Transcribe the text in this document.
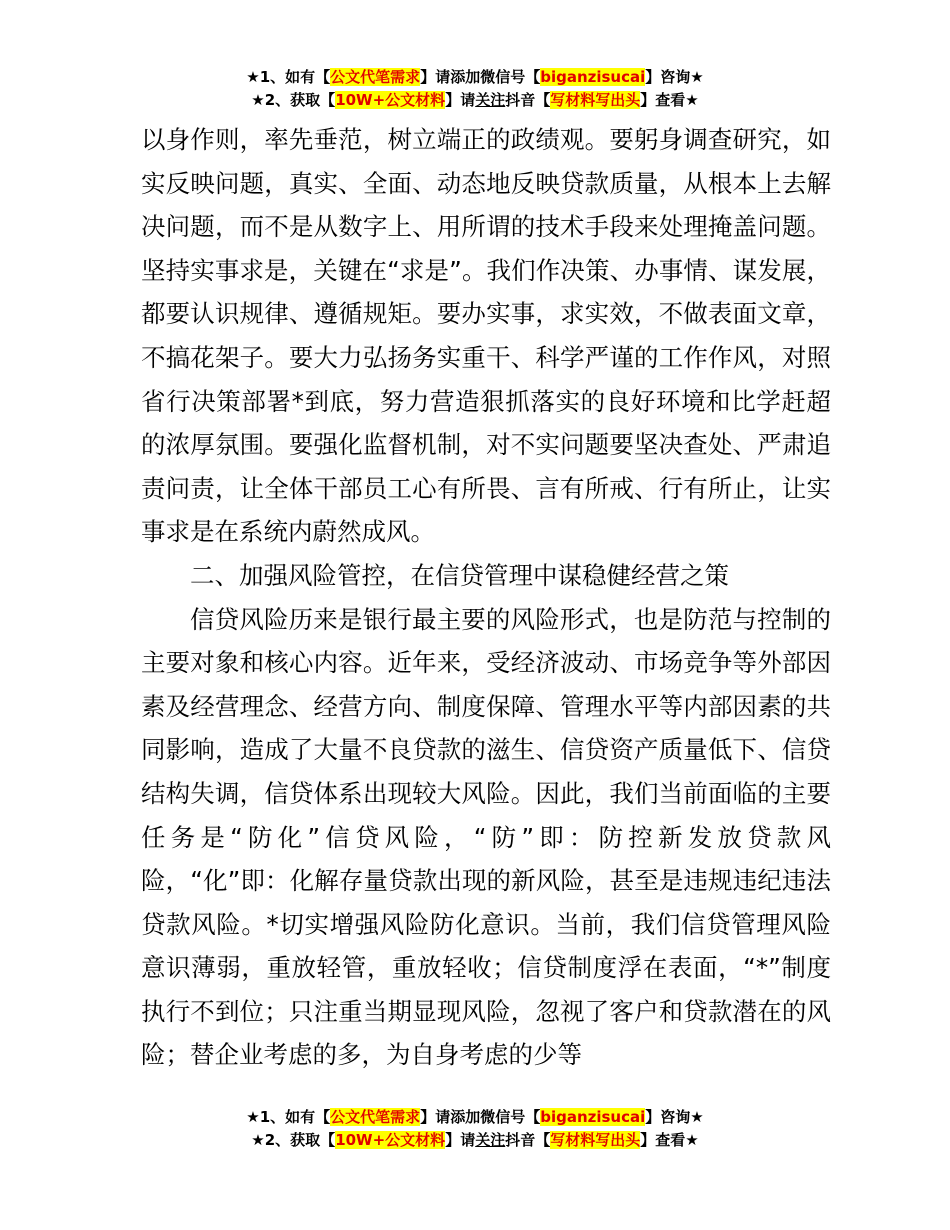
★1、如有【公文代笔需求】请添加微信号【biganzisucai】咨询★
★2、获取【10W+公文材料】请关注抖音【写材料写出头】查看★

以身作则，率先垂范，树立端正的政绩观。要躬身调查研究，如实反映问题，真实、全面、动态地反映贷款质量，从根本上去解决问题，而不是从数字上、用所谓的技术手段来处理掩盖问题。坚持实事求是，关键在“求是”。我们作决策、办事情、谋发展，都要认识规律、遵循规矩。要办实事，求实效，不做表面文章，不搞花架子。要大力弘扬务实重干、科学严谨的工作作风，对照省行决策部署*到底，努力营造狠抓落实的良好环境和比学赶超的浓厚氛围。要强化监督机制，对不实问题要坚决查处、严肃追责问责，让全体干部员工心有所畏、言有所戒、行有所止，让实事求是在系统内蔚然成风。

二、加强风险管控，在信贷管理中谋稳健经营之策

信贷风险历来是银行最主要的风险形式，也是防范与控制的主要对象和核心内容。近年来，受经济波动、市场竞争等外部因素及经营理念、经营方向、制度保障、管理水平等内部因素的共同影响，造成了大量不良贷款的滋生、信贷资产质量低下、信贷结构失调，信贷体系出现较大风险。因此，我们当前面临的主要任务是“防化”信贷风险，“防”即：防控新发放贷款风险，“化”即：化解存量贷款出现的新风险，甚至是违规违纪违法贷款风险。*切实增强风险防化意识。当前，我们信贷管理风险意识薄弱，重放轻管，重放轻收；信贷制度浮在表面，“*”制度执行不到位；只注重当期显现风险，忽视了客户和贷款潜在的风险；替企业考虑的多，为自身考虑的少等

★1、如有【公文代笔需求】请添加微信号【biganzisucai】咨询★
★2、获取【10W+公文材料】请关注抖音【写材料写出头】查看★
